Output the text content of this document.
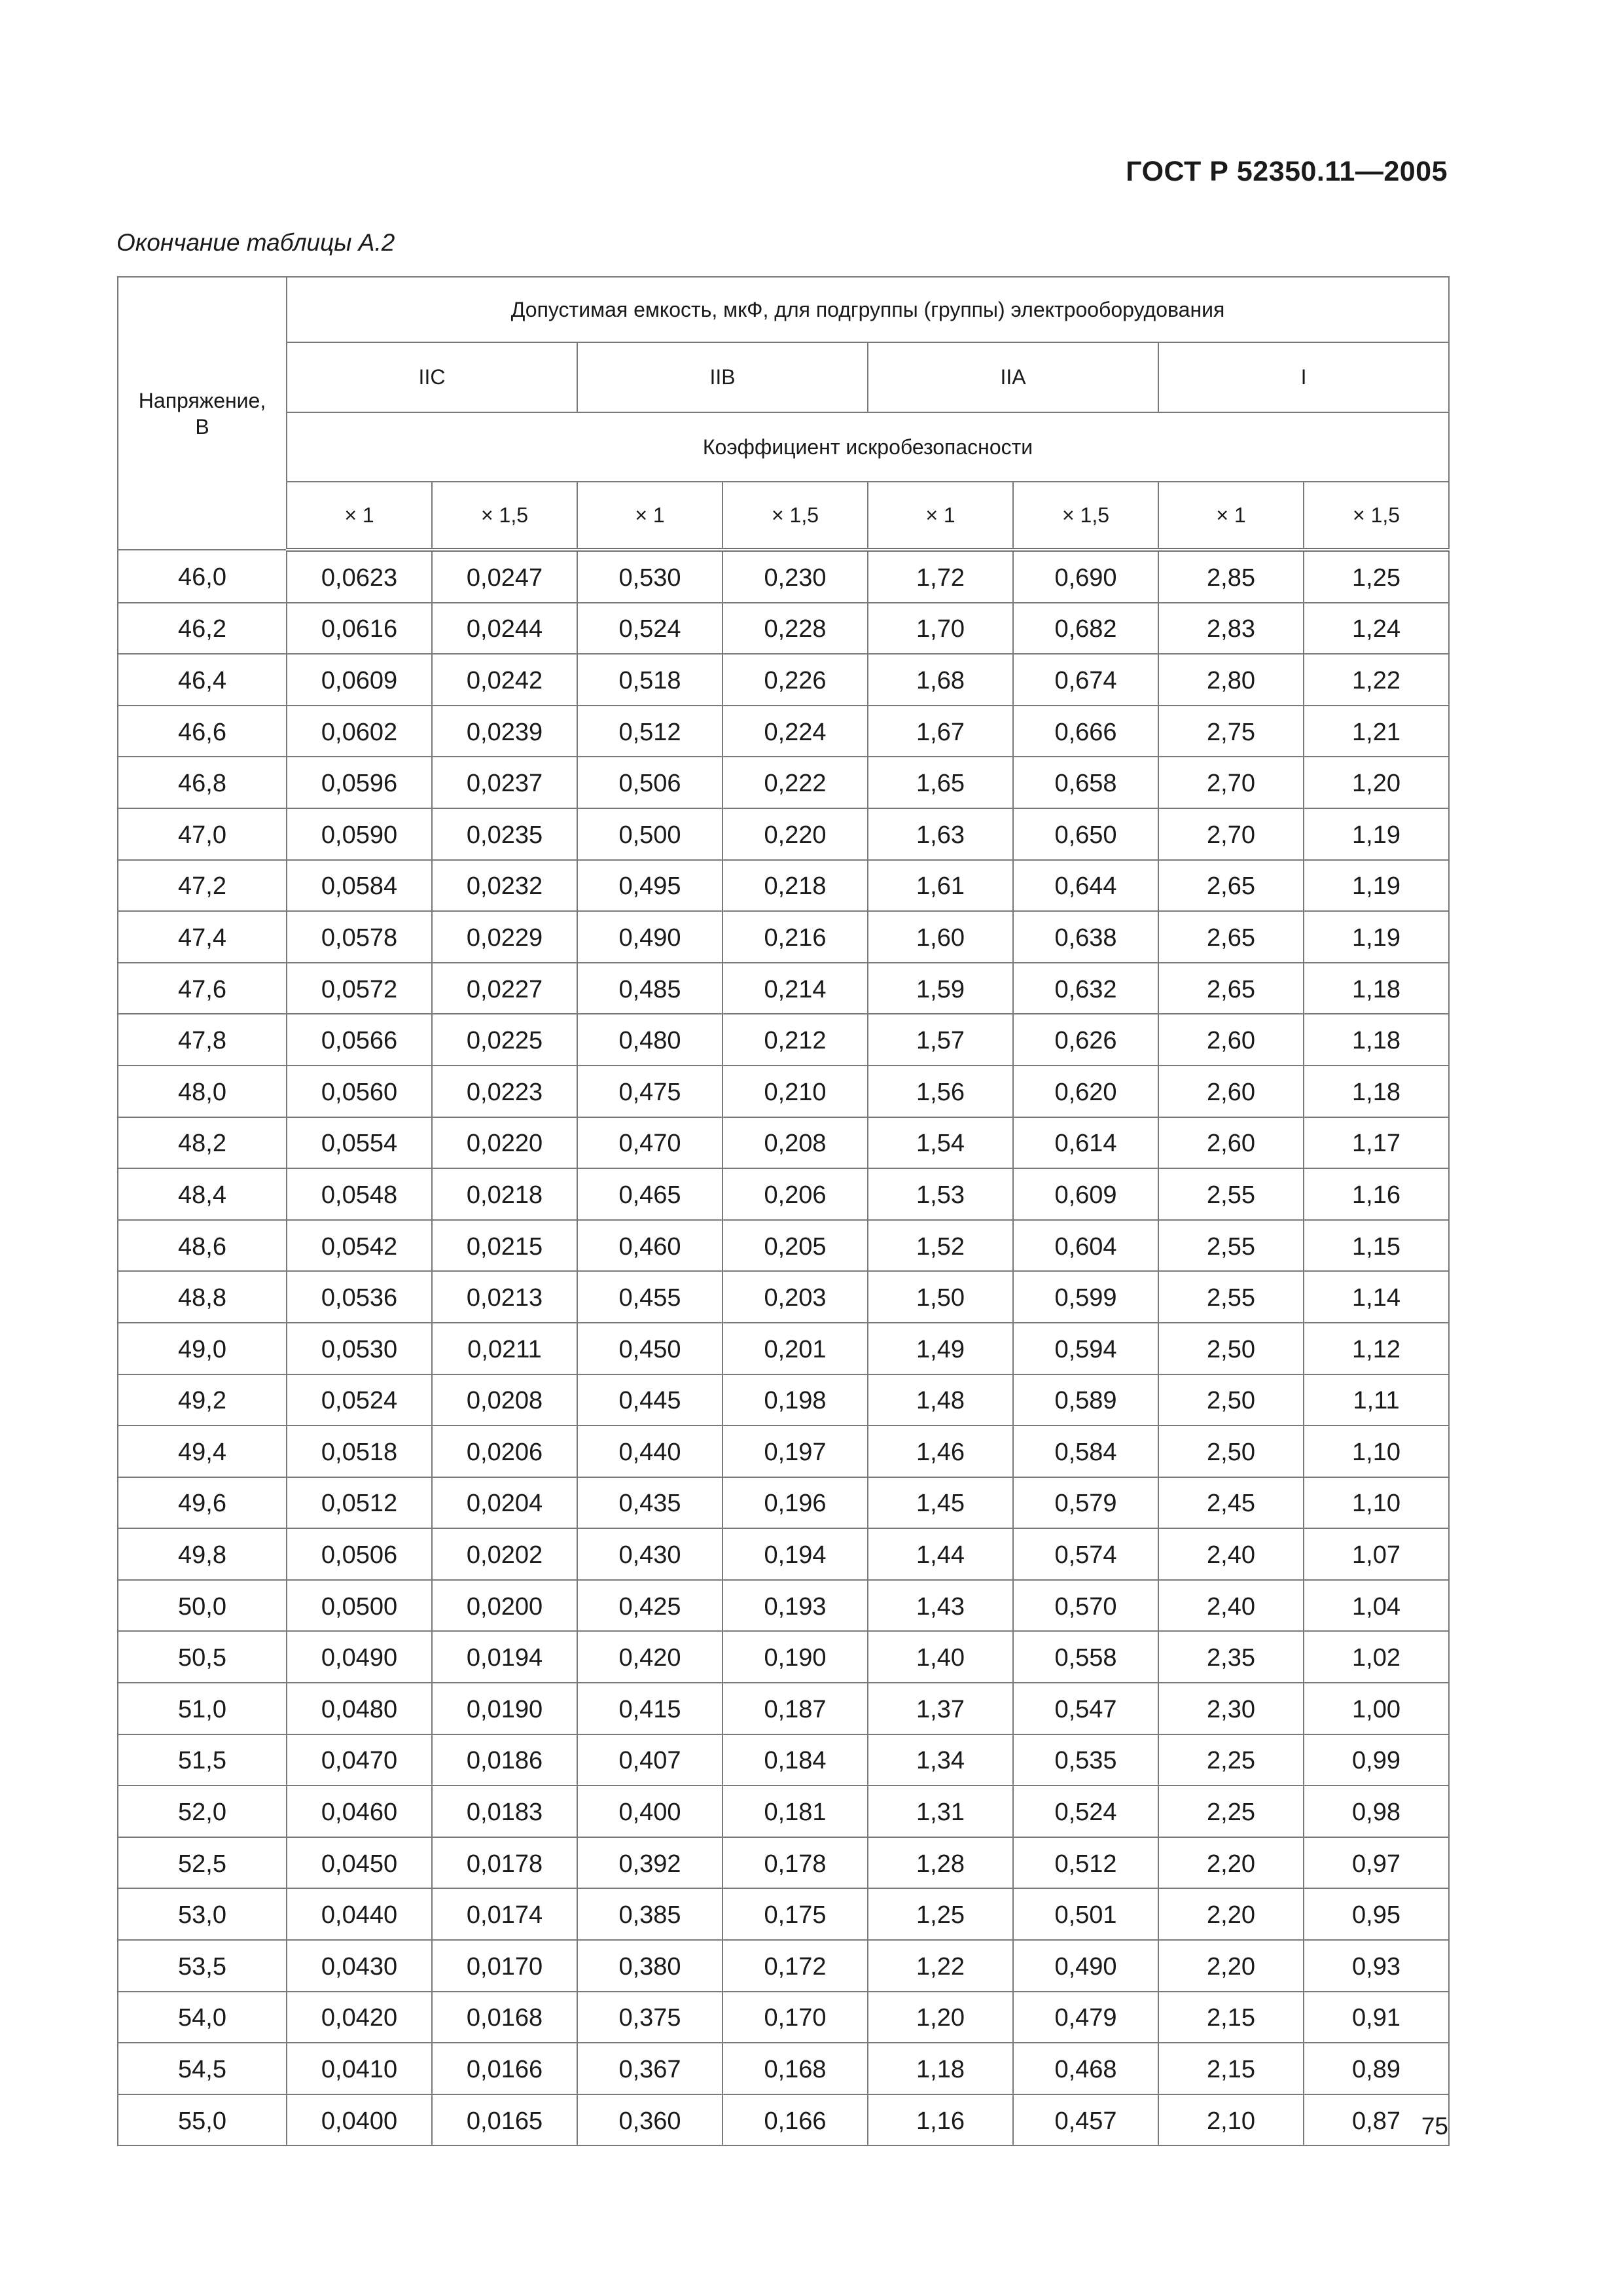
ГОСТ Р 52350.11—2005
Окончание таблицы А.2
Напряжение,
В	Допустимая емкость, мкФ, для подгруппы (группы) электрооборудования							
	IIC		IIB		IIA		I	
	Коэффициент искробезопасности							
	× 1	× 1,5	× 1	× 1,5	× 1	× 1,5	× 1	× 1,5
46,0	0,0623	0,0247	0,530	0,230	1,72	0,690	2,85	1,25
46,2	0,0616	0,0244	0,524	0,228	1,70	0,682	2,83	1,24
46,4	0,0609	0,0242	0,518	0,226	1,68	0,674	2,80	1,22
46,6	0,0602	0,0239	0,512	0,224	1,67	0,666	2,75	1,21
46,8	0,0596	0,0237	0,506	0,222	1,65	0,658	2,70	1,20
47,0	0,0590	0,0235	0,500	0,220	1,63	0,650	2,70	1,19
47,2	0,0584	0,0232	0,495	0,218	1,61	0,644	2,65	1,19
47,4	0,0578	0,0229	0,490	0,216	1,60	0,638	2,65	1,19
47,6	0,0572	0,0227	0,485	0,214	1,59	0,632	2,65	1,18
47,8	0,0566	0,0225	0,480	0,212	1,57	0,626	2,60	1,18
48,0	0,0560	0,0223	0,475	0,210	1,56	0,620	2,60	1,18
48,2	0,0554	0,0220	0,470	0,208	1,54	0,614	2,60	1,17
48,4	0,0548	0,0218	0,465	0,206	1,53	0,609	2,55	1,16
48,6	0,0542	0,0215	0,460	0,205	1,52	0,604	2,55	1,15
48,8	0,0536	0,0213	0,455	0,203	1,50	0,599	2,55	1,14
49,0	0,0530	0,0211	0,450	0,201	1,49	0,594	2,50	1,12
49,2	0,0524	0,0208	0,445	0,198	1,48	0,589	2,50	1,11
49,4	0,0518	0,0206	0,440	0,197	1,46	0,584	2,50	1,10
49,6	0,0512	0,0204	0,435	0,196	1,45	0,579	2,45	1,10
49,8	0,0506	0,0202	0,430	0,194	1,44	0,574	2,40	1,07
50,0	0,0500	0,0200	0,425	0,193	1,43	0,570	2,40	1,04
50,5	0,0490	0,0194	0,420	0,190	1,40	0,558	2,35	1,02
51,0	0,0480	0,0190	0,415	0,187	1,37	0,547	2,30	1,00
51,5	0,0470	0,0186	0,407	0,184	1,34	0,535	2,25	0,99
52,0	0,0460	0,0183	0,400	0,181	1,31	0,524	2,25	0,98
52,5	0,0450	0,0178	0,392	0,178	1,28	0,512	2,20	0,97
53,0	0,0440	0,0174	0,385	0,175	1,25	0,501	2,20	0,95
53,5	0,0430	0,0170	0,380	0,172	1,22	0,490	2,20	0,93
54,0	0,0420	0,0168	0,375	0,170	1,20	0,479	2,15	0,91
54,5	0,0410	0,0166	0,367	0,168	1,18	0,468	2,15	0,89
55,0	0,0400	0,0165	0,360	0,166	1,16	0,457	2,10	0,87 75
